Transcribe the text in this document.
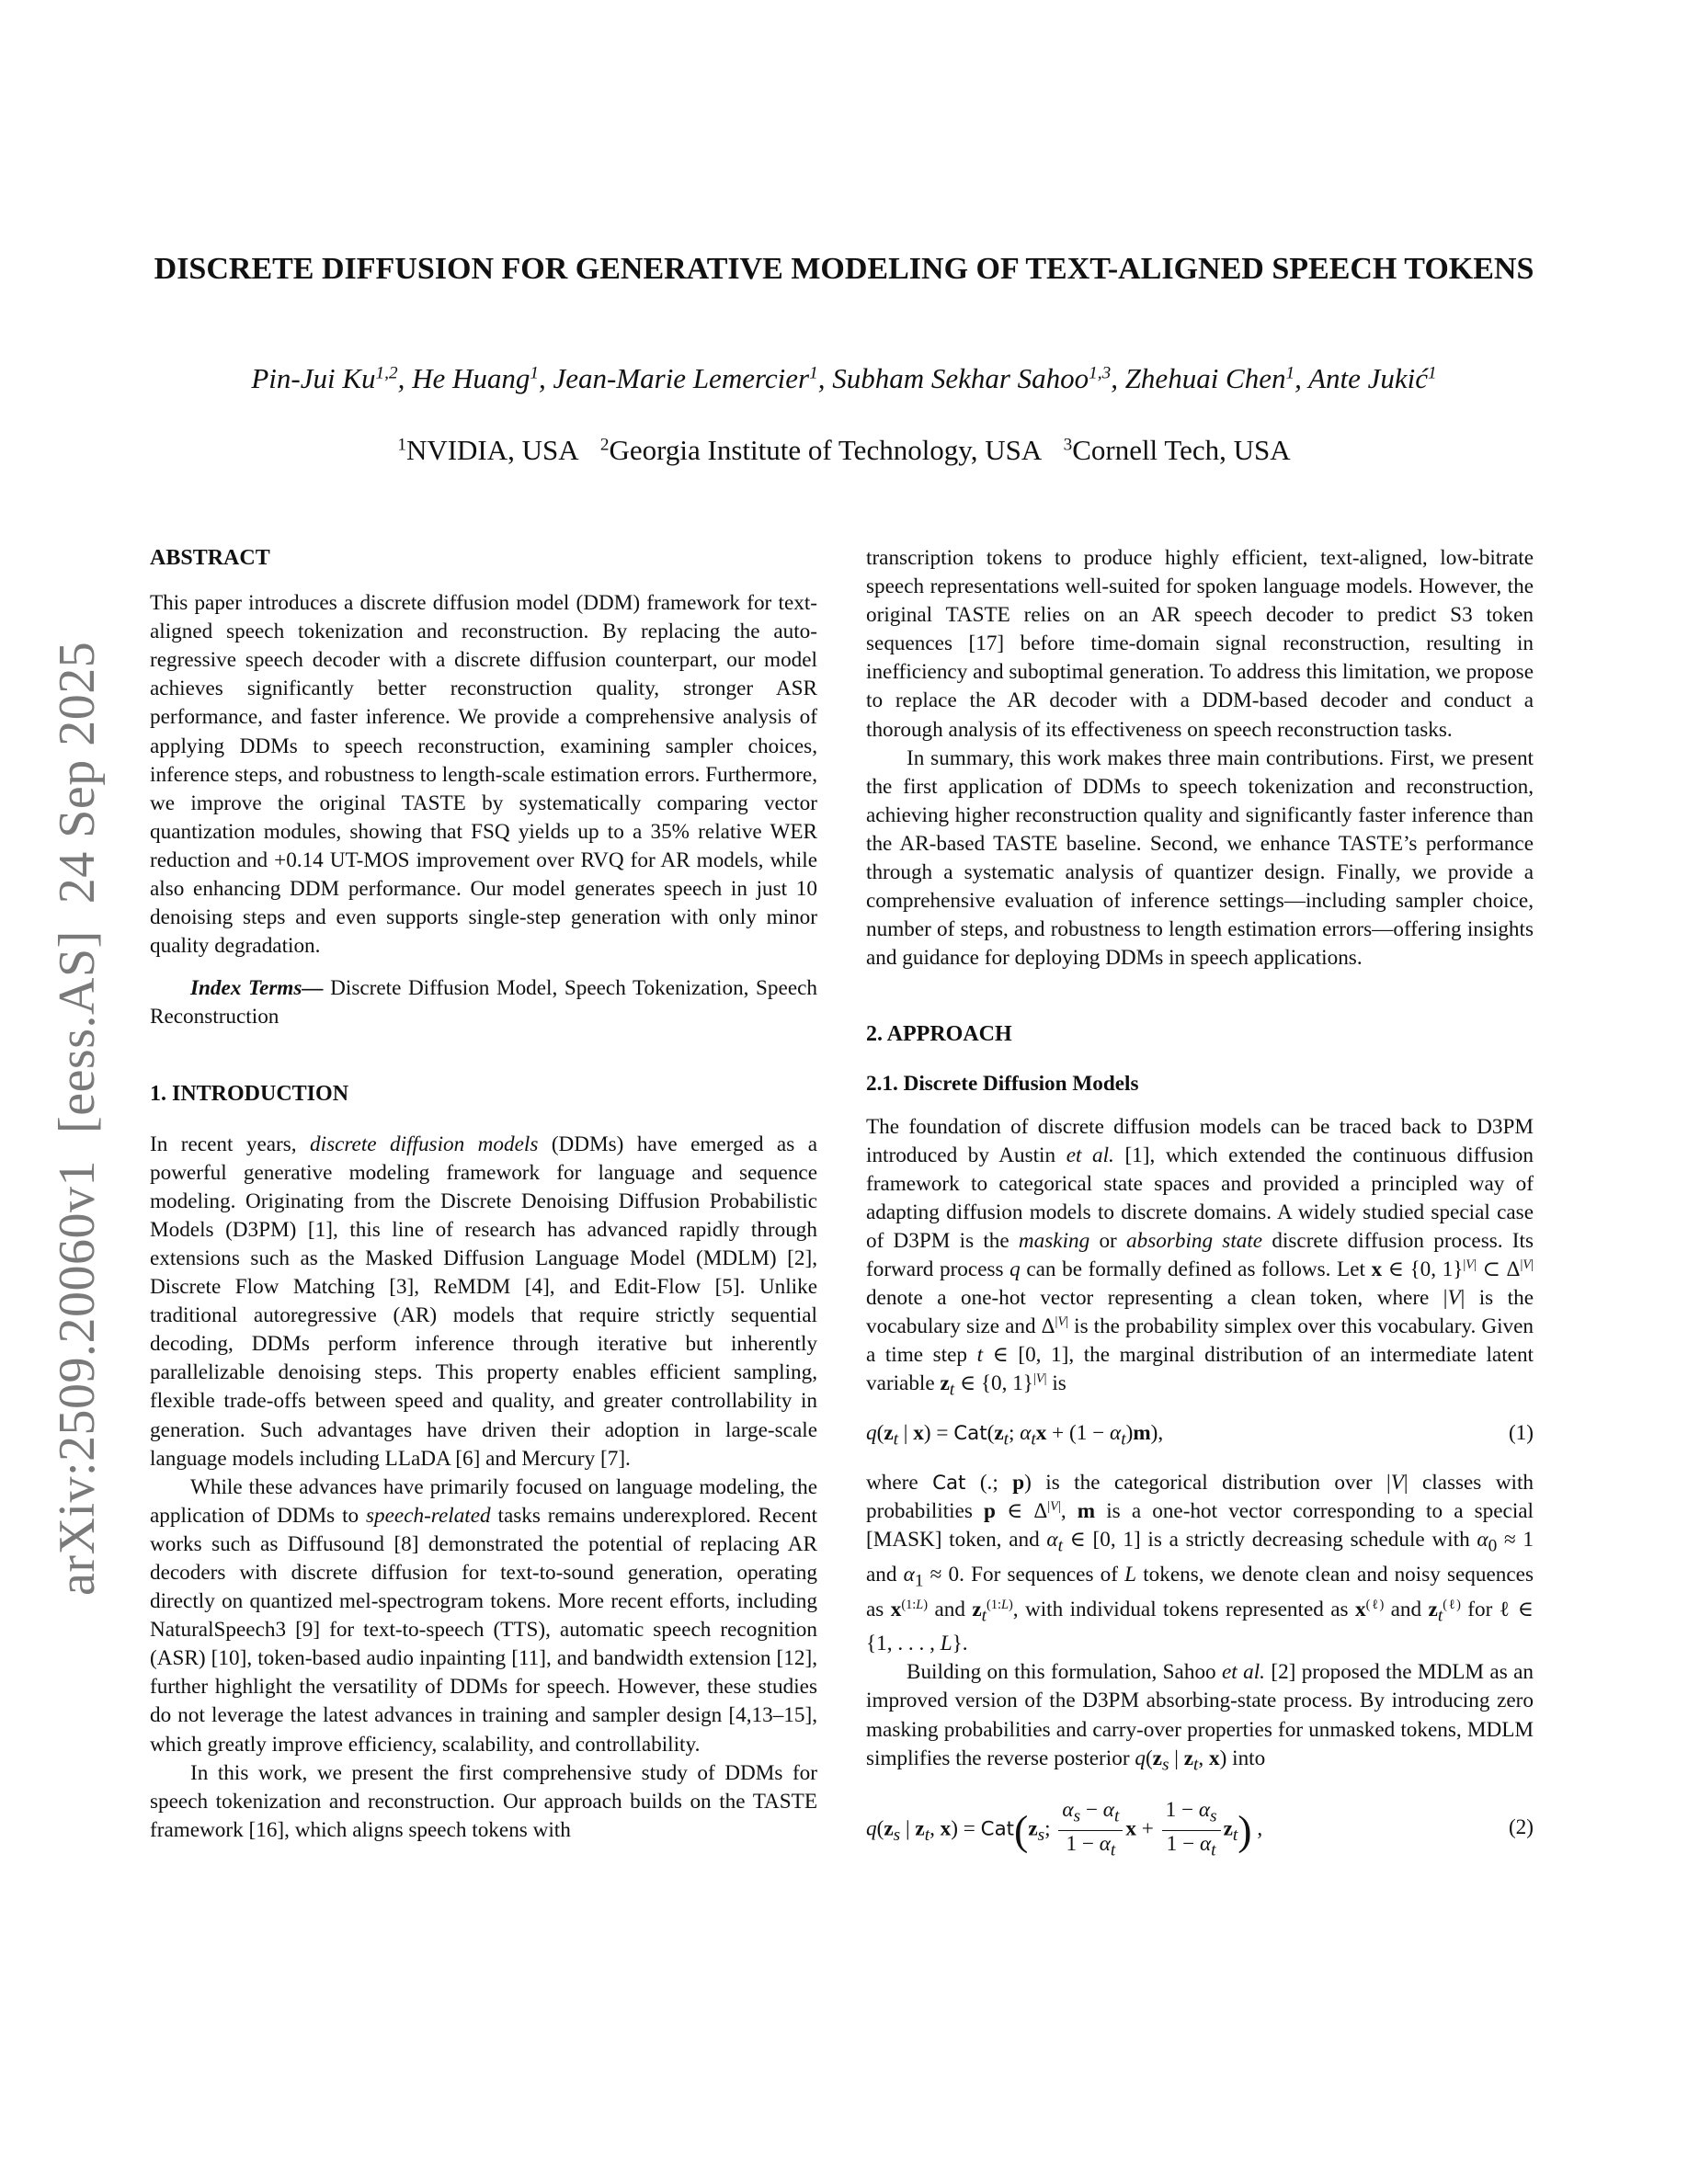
arXiv:2509.20060v1  [eess.AS]  24 Sep 2025
DISCRETE DIFFUSION FOR GENERATIVE MODELING OF TEXT-ALIGNED SPEECH TOKENS
Pin-Jui Ku$^{1,2}$, He Huang$^1$, Jean-Marie Lemercier$^1$, Subham Sekhar Sahoo$^{1,3}$, Zhehuai Chen$^1$, Ante Jukić$^1$
$^1$NVIDIA, USA $^2$Georgia Institute of Technology, USA $^3$Cornell Tech, USA

ABSTRACT

This paper introduces a discrete diffusion model (DDM) framework for text-aligned speech tokenization and reconstruction. By replacing the auto-regressive speech decoder with a discrete diffusion counterpart, our model achieves significantly better reconstruction quality, stronger ASR performance, and faster inference. We provide a comprehensive analysis of applying DDMs to speech reconstruction, examining sampler choices, inference steps, and robustness to length-scale estimation errors. Furthermore, we improve the original TASTE by systematically comparing vector quantization modules, showing that FSQ yields up to a 35% relative WER reduction and +0.14 UT-MOS improvement over RVQ for AR models, while also enhancing DDM performance. Our model generates speech in just 10 denoising steps and even supports single-step generation with only minor quality degradation.

Index Terms— Discrete Diffusion Model, Speech Tokenization, Speech Reconstruction

1. INTRODUCTION

In recent years, discrete diffusion models (DDMs) have emerged as a powerful generative modeling framework for language and sequence modeling. Originating from the Discrete Denoising Diffusion Probabilistic Models (D3PM) [1], this line of research has advanced rapidly through extensions such as the Masked Diffusion Language Model (MDLM) [2], Discrete Flow Matching [3], ReMDM [4], and Edit-Flow [5]. Unlike traditional autoregressive (AR) models that require strictly sequential decoding, DDMs perform inference through iterative but inherently parallelizable denoising steps. This property enables efficient sampling, flexible trade-offs between speed and quality, and greater controllability in generation. Such advantages have driven their adoption in large-scale language models including LLaDA [6] and Mercury [7].

While these advances have primarily focused on language modeling, the application of DDMs to speech-related tasks remains underexplored. Recent works such as Diffusound [8] demonstrated the potential of replacing AR decoders with discrete diffusion for text-to-sound generation, operating directly on quantized mel-spectrogram tokens. More recent efforts, including NaturalSpeech3 [9] for text-to-speech (TTS), automatic speech recognition (ASR) [10], token-based audio inpainting [11], and bandwidth extension [12], further highlight the versatility of DDMs for speech. However, these studies do not leverage the latest advances in training and sampler design [4,13–15], which greatly improve efficiency, scalability, and controllability.

In this work, we present the first comprehensive study of DDMs for speech tokenization and reconstruction. Our approach builds on the TASTE framework [16], which aligns speech tokens with

transcription tokens to produce highly efficient, text-aligned, low-bitrate speech representations well-suited for spoken language models. However, the original TASTE relies on an AR speech decoder to predict S3 token sequences [17] before time-domain signal reconstruction, resulting in inefficiency and suboptimal generation. To address this limitation, we propose to replace the AR decoder with a DDM-based decoder and conduct a thorough analysis of its effectiveness on speech reconstruction tasks.

In summary, this work makes three main contributions. First, we present the first application of DDMs to speech tokenization and reconstruction, achieving higher reconstruction quality and significantly faster inference than the AR-based TASTE baseline. Second, we enhance TASTE’s performance through a systematic analysis of quantizer design. Finally, we provide a comprehensive evaluation of inference settings—including sampler choice, number of steps, and robustness to length estimation errors—offering insights and guidance for deploying DDMs in speech applications.

2. APPROACH

2.1. Discrete Diffusion Models

The foundation of discrete diffusion models can be traced back to D3PM introduced by Austin et al. [1], which extended the continuous diffusion framework to categorical state spaces and provided a principled way of adapting diffusion models to discrete domains. A widely studied special case of D3PM is the masking or absorbing state discrete diffusion process. Its forward process q can be formally defined as follows. Let x ∈ {0, 1}$^{|V|}$ ⊂ $\Delta^{|V|}$ denote a one-hot vector representing a clean token, where |V| is the vocabulary size and $\Delta^{|V|}$ is the probability simplex over this vocabulary. Given a time step t ∈ [0, 1], the marginal distribution of an intermediate latent variable $z_t$ ∈ {0, 1}$^{|V|}$ is

$q(z_t$ | $x) = Cat(z_t$; $\alpha_tx + (1 - \alpha_t)m$),	(1)

where Cat (.; p) is the categorical distribution over |V| classes with probabilities p ∈ $\Delta^{|V|}$, m is a one-hot vector corresponding to a special [MASK] token, and $\alpha_t$ ∈ [0, 1] is a strictly decreasing schedule with $\alpha_0 \approx 1$ and $\alpha_1 \approx 0$. For sequences of L tokens, we denote clean and noisy sequences as $x^{(1:L)}$ and $z_t^{(1:L)}$, with individual tokens represented as $x^{(\ell)}$ and $z_t^{(\ell)}$ for ℓ ∈ {1, . . . , L}.

Building on this formulation, Sahoo et al. [2] proposed the MDLM as an improved version of the D3PM absorbing-state process. By introducing zero masking probabilities and carry-over properties for unmasked tokens, MDLM simplifies the reverse posterior $q(z_s$ | $z_t$, x) into

$q(z_s$ | $z_t$, $x) = Cat(z_s$; $\frac{\alpha_s - \alpha_t}{1 - \alpha_t}$ $x + \frac{1 - \alpha_s}{1 - \alpha_t} z_t$) ,	(2)
